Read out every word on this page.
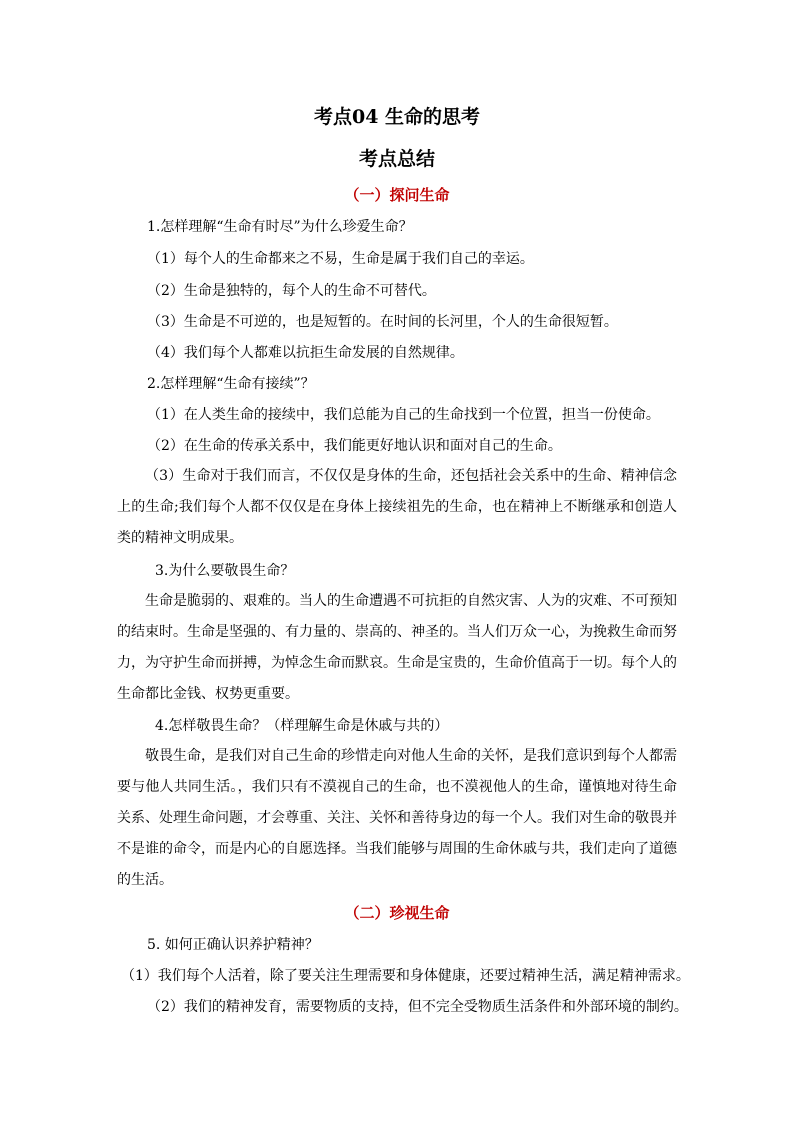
考点04 生命的思考
考点总结
（一）探问生命
1.怎样理解“生命有时尽”为什么珍爱生命？
（1）每个人的生命都来之不易，生命是属于我们自己的幸运。
（2）生命是独特的，每个人的生命不可替代。
（3）生命是不可逆的，也是短暂的。在时间的长河里，个人的生命很短暂。
（4）我们每个人都难以抗拒生命发展的自然规律。
2.怎样理解“生命有接续”？
（1）在人类生命的接续中，我们总能为自己的生命找到一个位置，担当一份使命。
（2）在生命的传承关系中，我们能更好地认识和面对自己的生命。

（3）生命对于我们而言，不仅仅是身体的生命，还包括社会关系中的生命、精神信念上的生命;我们每个人都不仅仅是在身体上接续祖先的生命，也在精神上不断继承和创造人类的精神文明成果。

3.为什么要敬畏生命？

生命是脆弱的、艰难的。当人的生命遭遇不可抗拒的自然灾害、人为的灾难、不可预知的结束时。生命是坚强的、有力量的、崇高的、神圣的。当人们万众一心，为挽救生命而努力，为守护生命而拼搏，为悼念生命而默哀。生命是宝贵的，生命价值高于一切。每个人的生命都比金钱、权势更重要。

4.怎样敬畏生命？（样理解生命是休戚与共的）

敬畏生命，是我们对自己生命的珍惜走向对他人生命的关怀，是我们意识到每个人都需要与他人共同生活。，我们只有不漠视自己的生命，也不漠视他人的生命，谨慎地对待生命关系、处理生命问题，才会尊重、关注、关怀和善待身边的每一个人。我们对生命的敬畏并不是谁的命令，而是内心的自愿选择。当我们能够与周围的生命休戚与共，我们走向了道德的生活。

（二）珍视生命
5. 如何正确认识养护精神？
（1）我们每个人活着，除了要关注生理需要和身体健康，还要过精神生活，满足精神需求。
（2）我们的精神发育，需要物质的支持，但不完全受物质生活条件和外部环境的制约。
